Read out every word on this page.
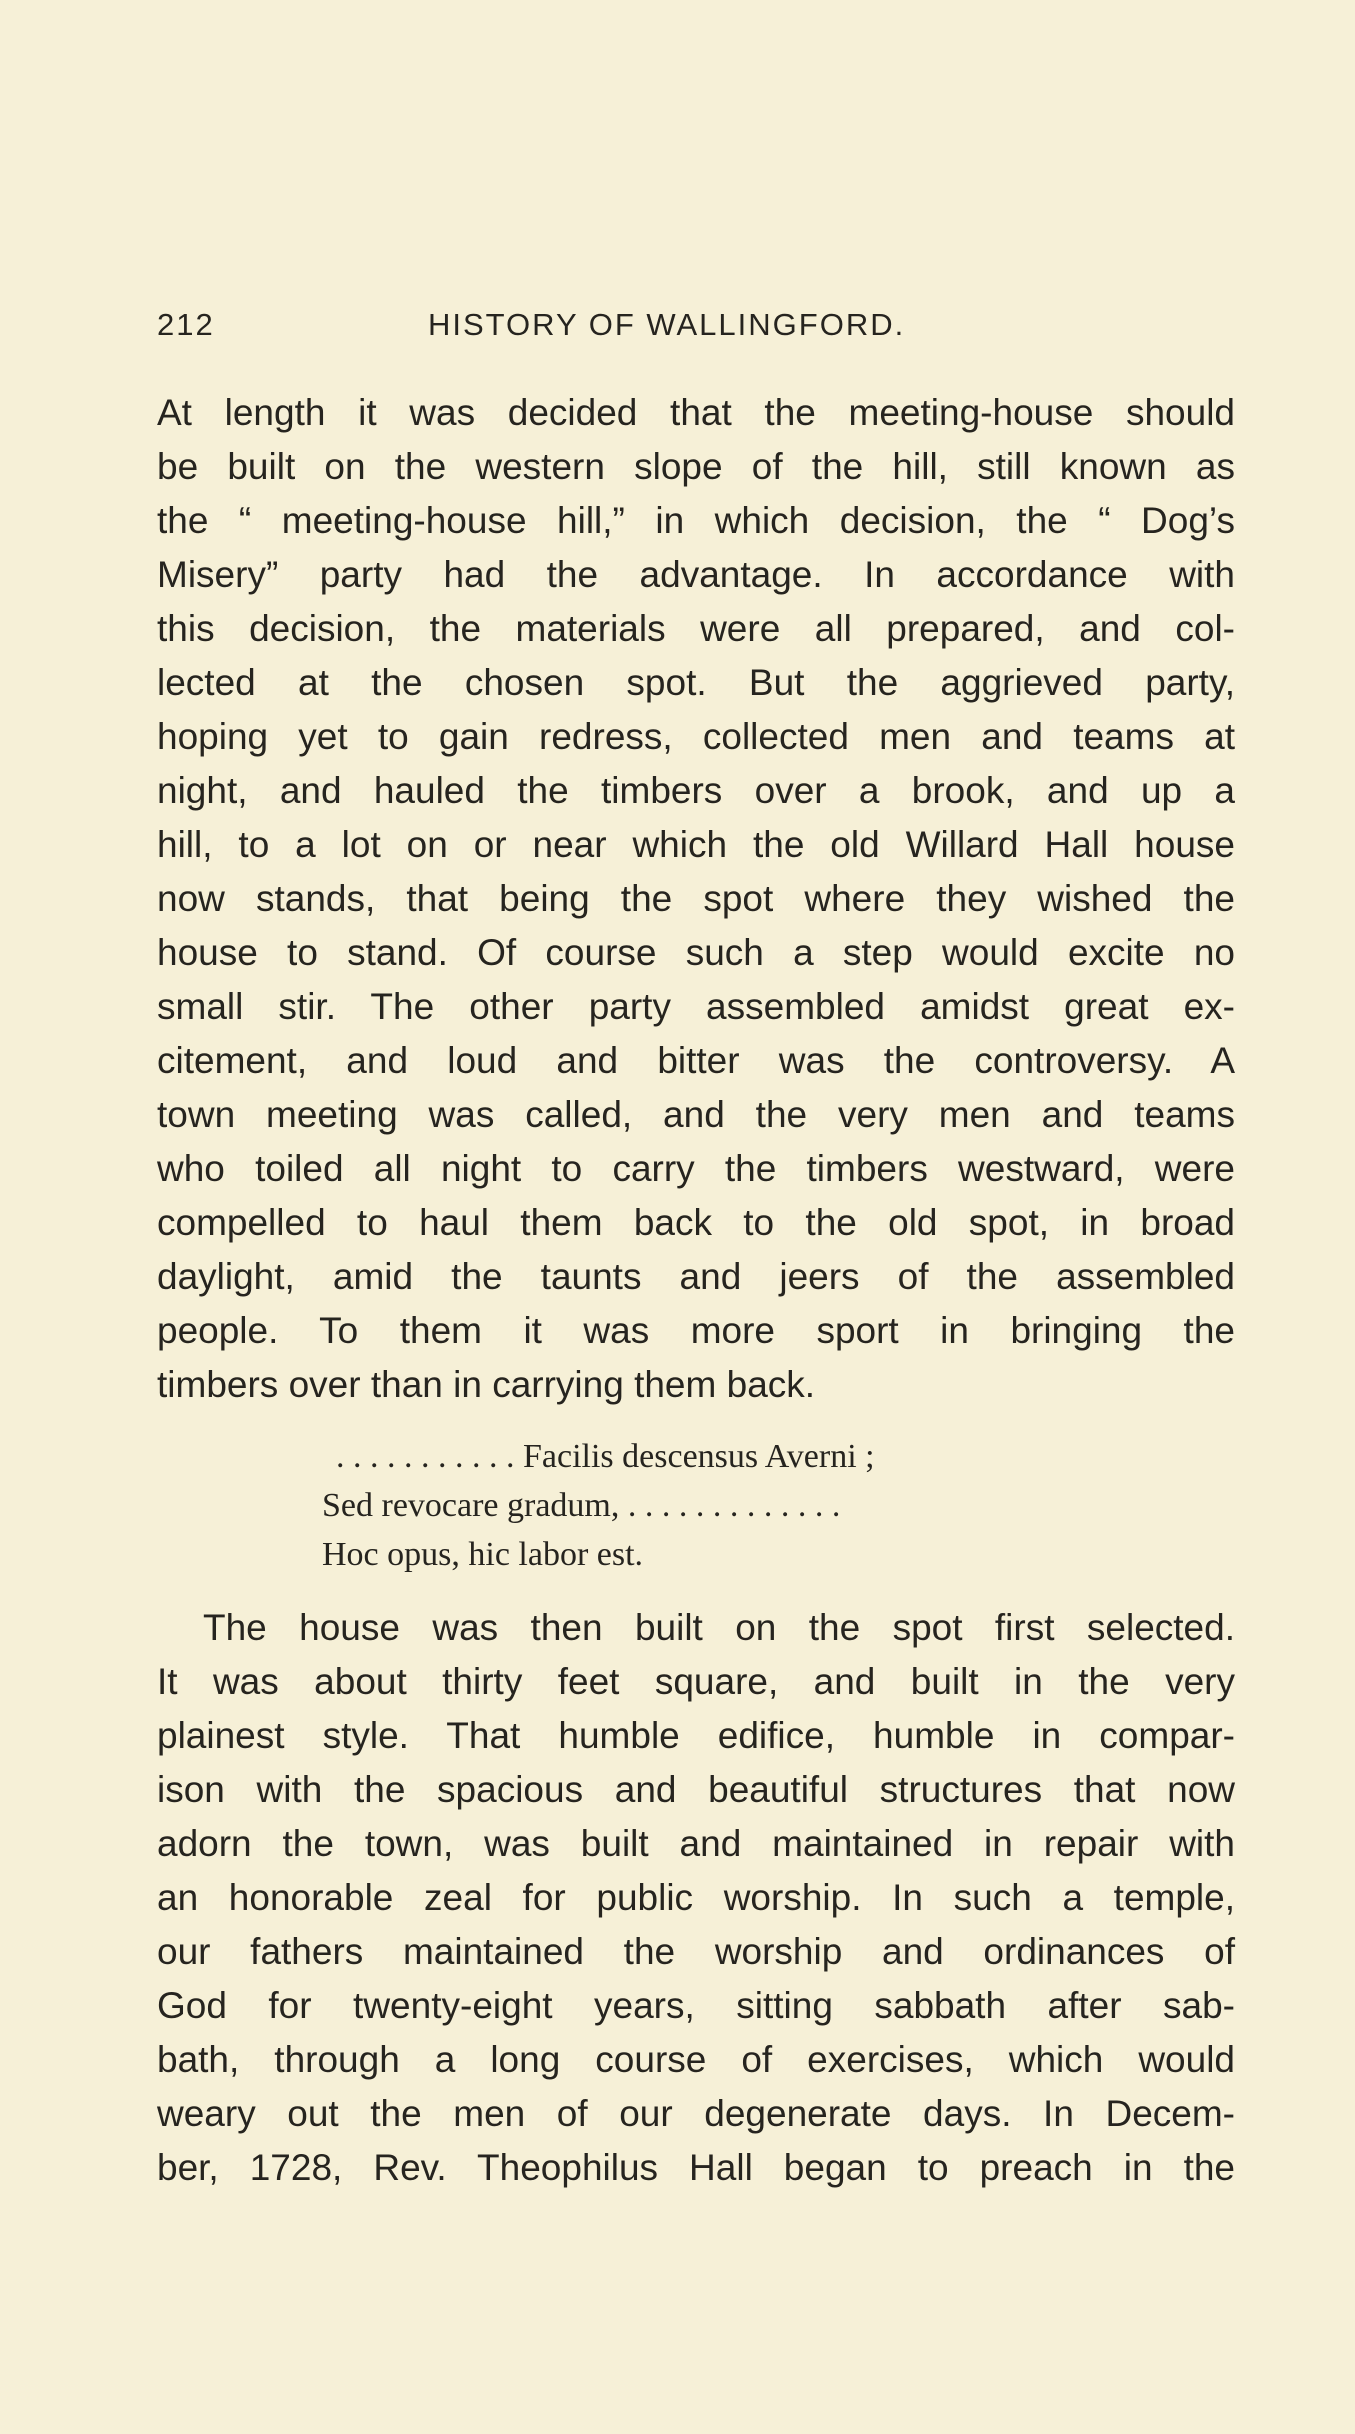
212	HISTORY OF WALLINGFORD.
At length it was decided that the meeting-house should
be built on the western slope of the hill, still known as
the “ meeting-house hill,” in which decision, the “ Dog’s
Misery” party had the advantage. In accordance with
this decision, the materials were all prepared, and col-
lected at the chosen spot. But the aggrieved party,
hoping yet to gain redress, collected men and teams at
night, and hauled the timbers over a brook, and up a
hill, to a lot on or near which the old Willard Hall house
now stands, that being the spot where they wished the
house to stand. Of course such a step would excite no
small stir. The other party assembled amidst great ex-
citement, and loud and bitter was the controversy. A
town meeting was called, and the very men and teams
who toiled all night to carry the timbers westward, were
compelled to haul them back to the old spot, in broad
daylight, amid the taunts and jeers of the assembled
people. To them it was more sport in bringing the
timbers over than in carrying them back.
. . . . . . . . . . . Facilis descensus Averni ;
Sed revocare gradum, . . . . . . . . . . . . .
Hoc opus, hic labor est.
The house was then built on the spot first selected.
It was about thirty feet square, and built in the very
plainest style. That humble edifice, humble in compar-
ison with the spacious and beautiful structures that now
adorn the town, was built and maintained in repair with
an honorable zeal for public worship. In such a temple,
our fathers maintained the worship and ordinances of
God for twenty-eight years, sitting sabbath after sab-
bath, through a long course of exercises, which would
weary out the men of our degenerate days. In Decem-
ber, 1728, Rev. Theophilus Hall began to preach in the
